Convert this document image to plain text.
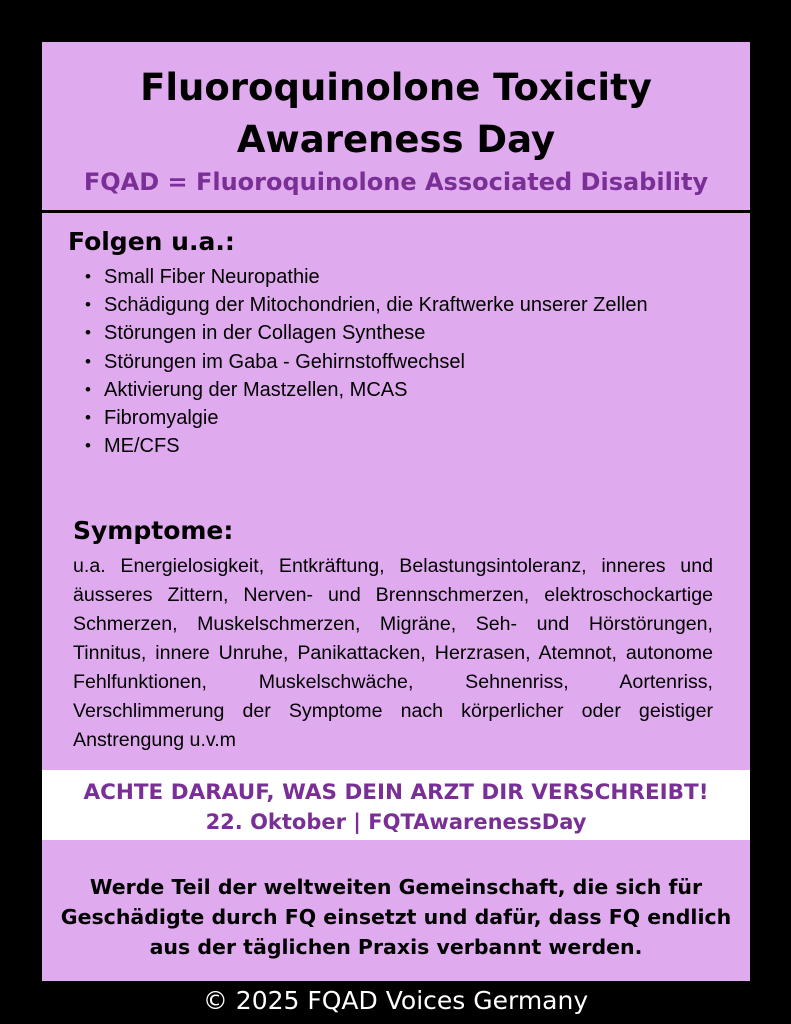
Fluoroquinolone Toxicity
Awareness Day
FQAD = Fluoroquinolone Associated Disability
Folgen u.a.:
• Small Fiber Neuropathie
• Schädigung der Mitochondrien, die Kraftwerke unserer Zellen
• Störungen in der Collagen Synthese
• Störungen im Gaba - Gehirnstoffwechsel
• Aktivierung der Mastzellen, MCAS
• Fibromyalgie
• ME/CFS
Symptome:

u.a. Energielosigkeit, Entkräftung, Belastungsintoleranz, inneres und äusseres Zittern, Nerven- und Brennschmerzen, elektroschockartige Schmerzen, Muskelschmerzen, Migräne, Seh- und Hörstörungen, Tinnitus, innere Unruhe, Panikattacken, Herzrasen, Atemnot, autonome Fehlfunktionen, Muskelschwäche, Sehnenriss, Aortenriss, Verschlimmerung der Symptome nach körperlicher oder geistiger Anstrengung u.v.m

ACHTE DARAUF, WAS DEIN ARZT DIR VERSCHREIBT!
22. Oktober | FQTAwarenessDay

Werde Teil der weltweiten Gemeinschaft, die sich für Geschädigte durch FQ einsetzt und dafür, dass FQ endlich aus der täglichen Praxis verbannt werden.

© 2025 FQAD Voices Germany
